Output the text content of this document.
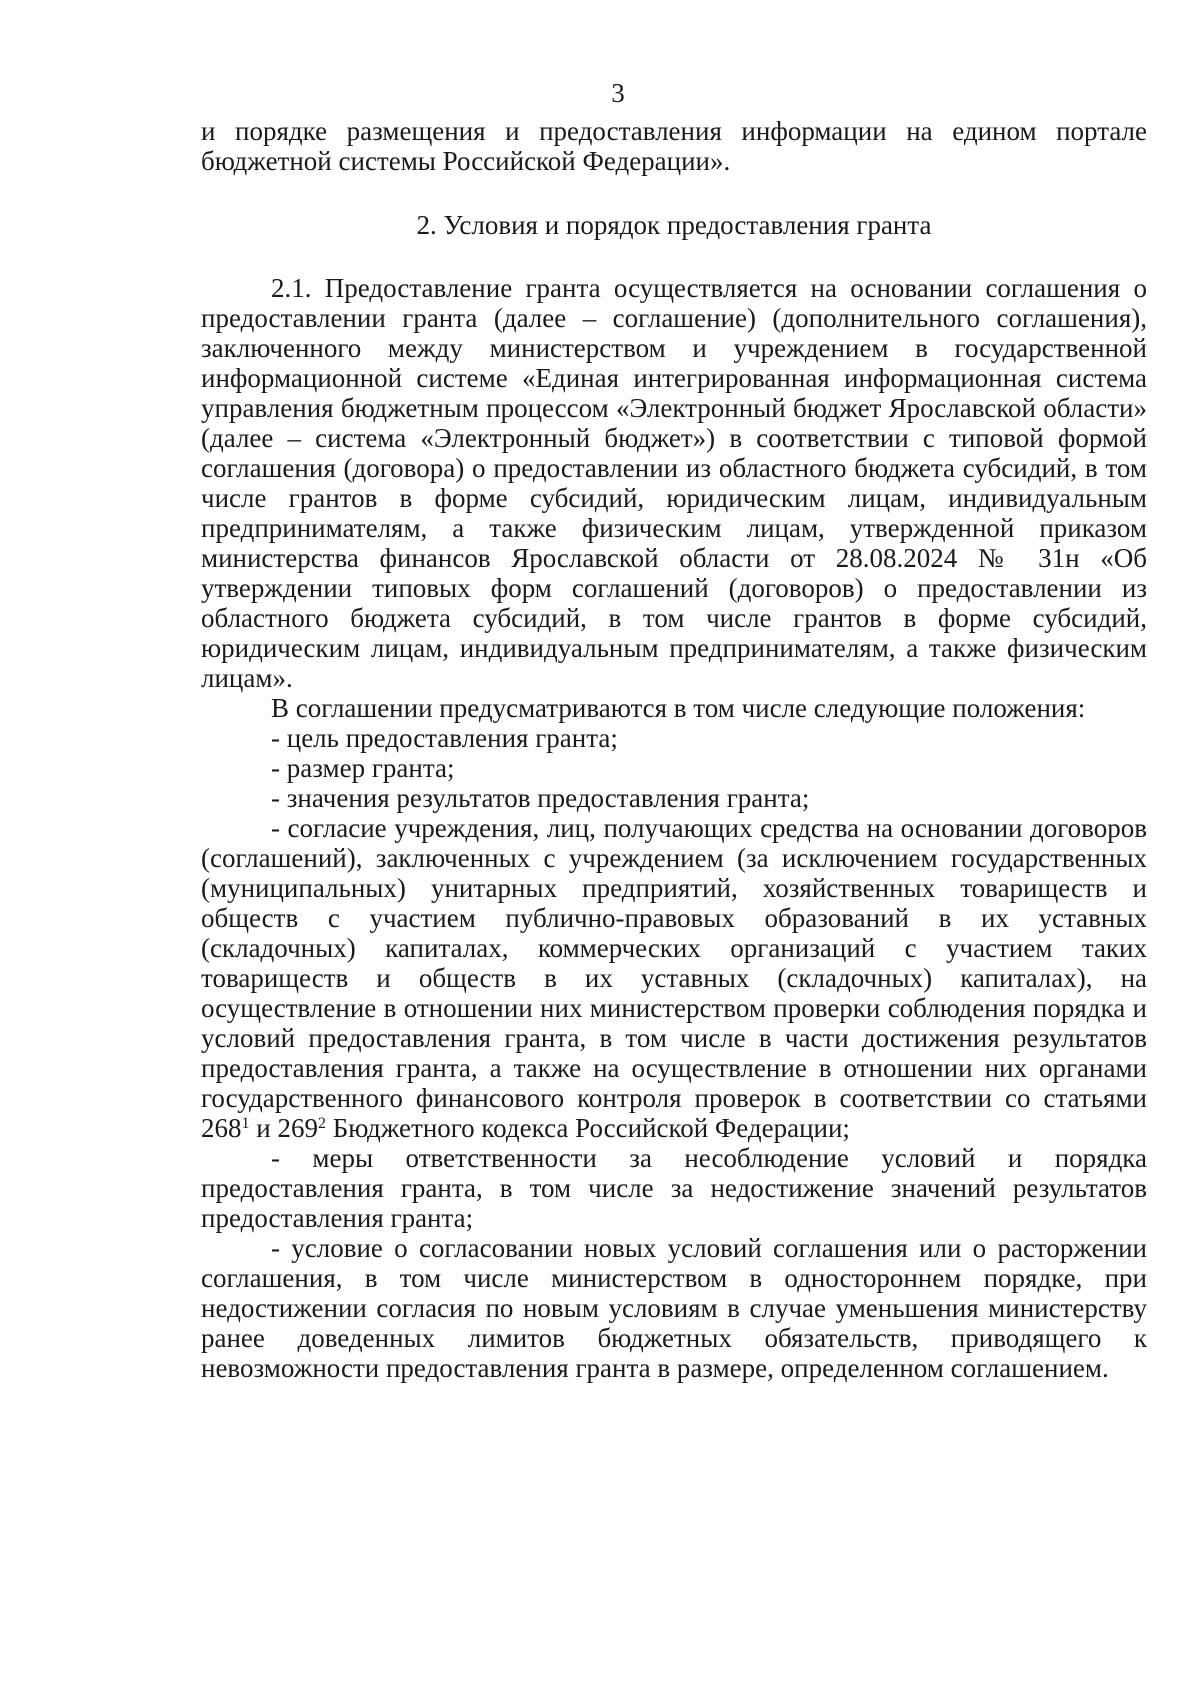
3

и порядке размещения и предоставления информации на едином портале бюджетной системы Российской Федерации».

2. Условия и порядок предоставления гранта

2.1. Предоставление гранта осуществляется на основании соглашения о предоставлении гранта (далее – соглашение) (дополнительного соглашения), заключенного между министерством и учреждением в государственной информационной системе «Единая интегрированная информационная система управления бюджетным процессом «Электронный бюджет Ярославской области» (далее – система «Электронный бюджет») в соответствии с типовой формой соглашения (договора) о предоставлении из областного бюджета субсидий, в том числе грантов в форме субсидий, юридическим лицам, индивидуальным предпринимателям, а также физическим лицам, утвержденной приказом министерства финансов Ярославской области от 28.08.2024 № 31н «Об утверждении типовых форм соглашений (договоров) о предоставлении из областного бюджета субсидий, в том числе грантов в форме субсидий, юридическим лицам, индивидуальным предпринимателям, а также физическим лицам».

В соглашении предусматриваются в том числе следующие положения:

- цель предоставления гранта;

- размер гранта;

- значения результатов предоставления гранта;

- согласие учреждения, лиц, получающих средства на основании договоров (соглашений), заключенных с учреждением (за исключением государственных (муниципальных) унитарных предприятий, хозяйственных товариществ и обществ с участием публично-правовых образований в их уставных (складочных) капиталах, коммерческих организаций с участием таких товариществ и обществ в их уставных (складочных) капиталах), на осуществление в отношении них министерством проверки соблюдения порядка и условий предоставления гранта, в том числе в части достижения результатов предоставления гранта, а также на осуществление в отношении них органами государственного финансового контроля проверок в соответствии со статьями $268^1$ и $269^2$ Бюджетного кодекса Российской Федерации;

- меры ответственности за несоблюдение условий и порядка предоставления гранта, в том числе за недостижение значений результатов предоставления гранта;

- условие о согласовании новых условий соглашения или о расторжении соглашения, в том числе министерством в одностороннем порядке, при недостижении согласия по новым условиям в случае уменьшения министерству ранее доведенных лимитов бюджетных обязательств, приводящего к невозможности предоставления гранта в размере, определенном соглашением.
